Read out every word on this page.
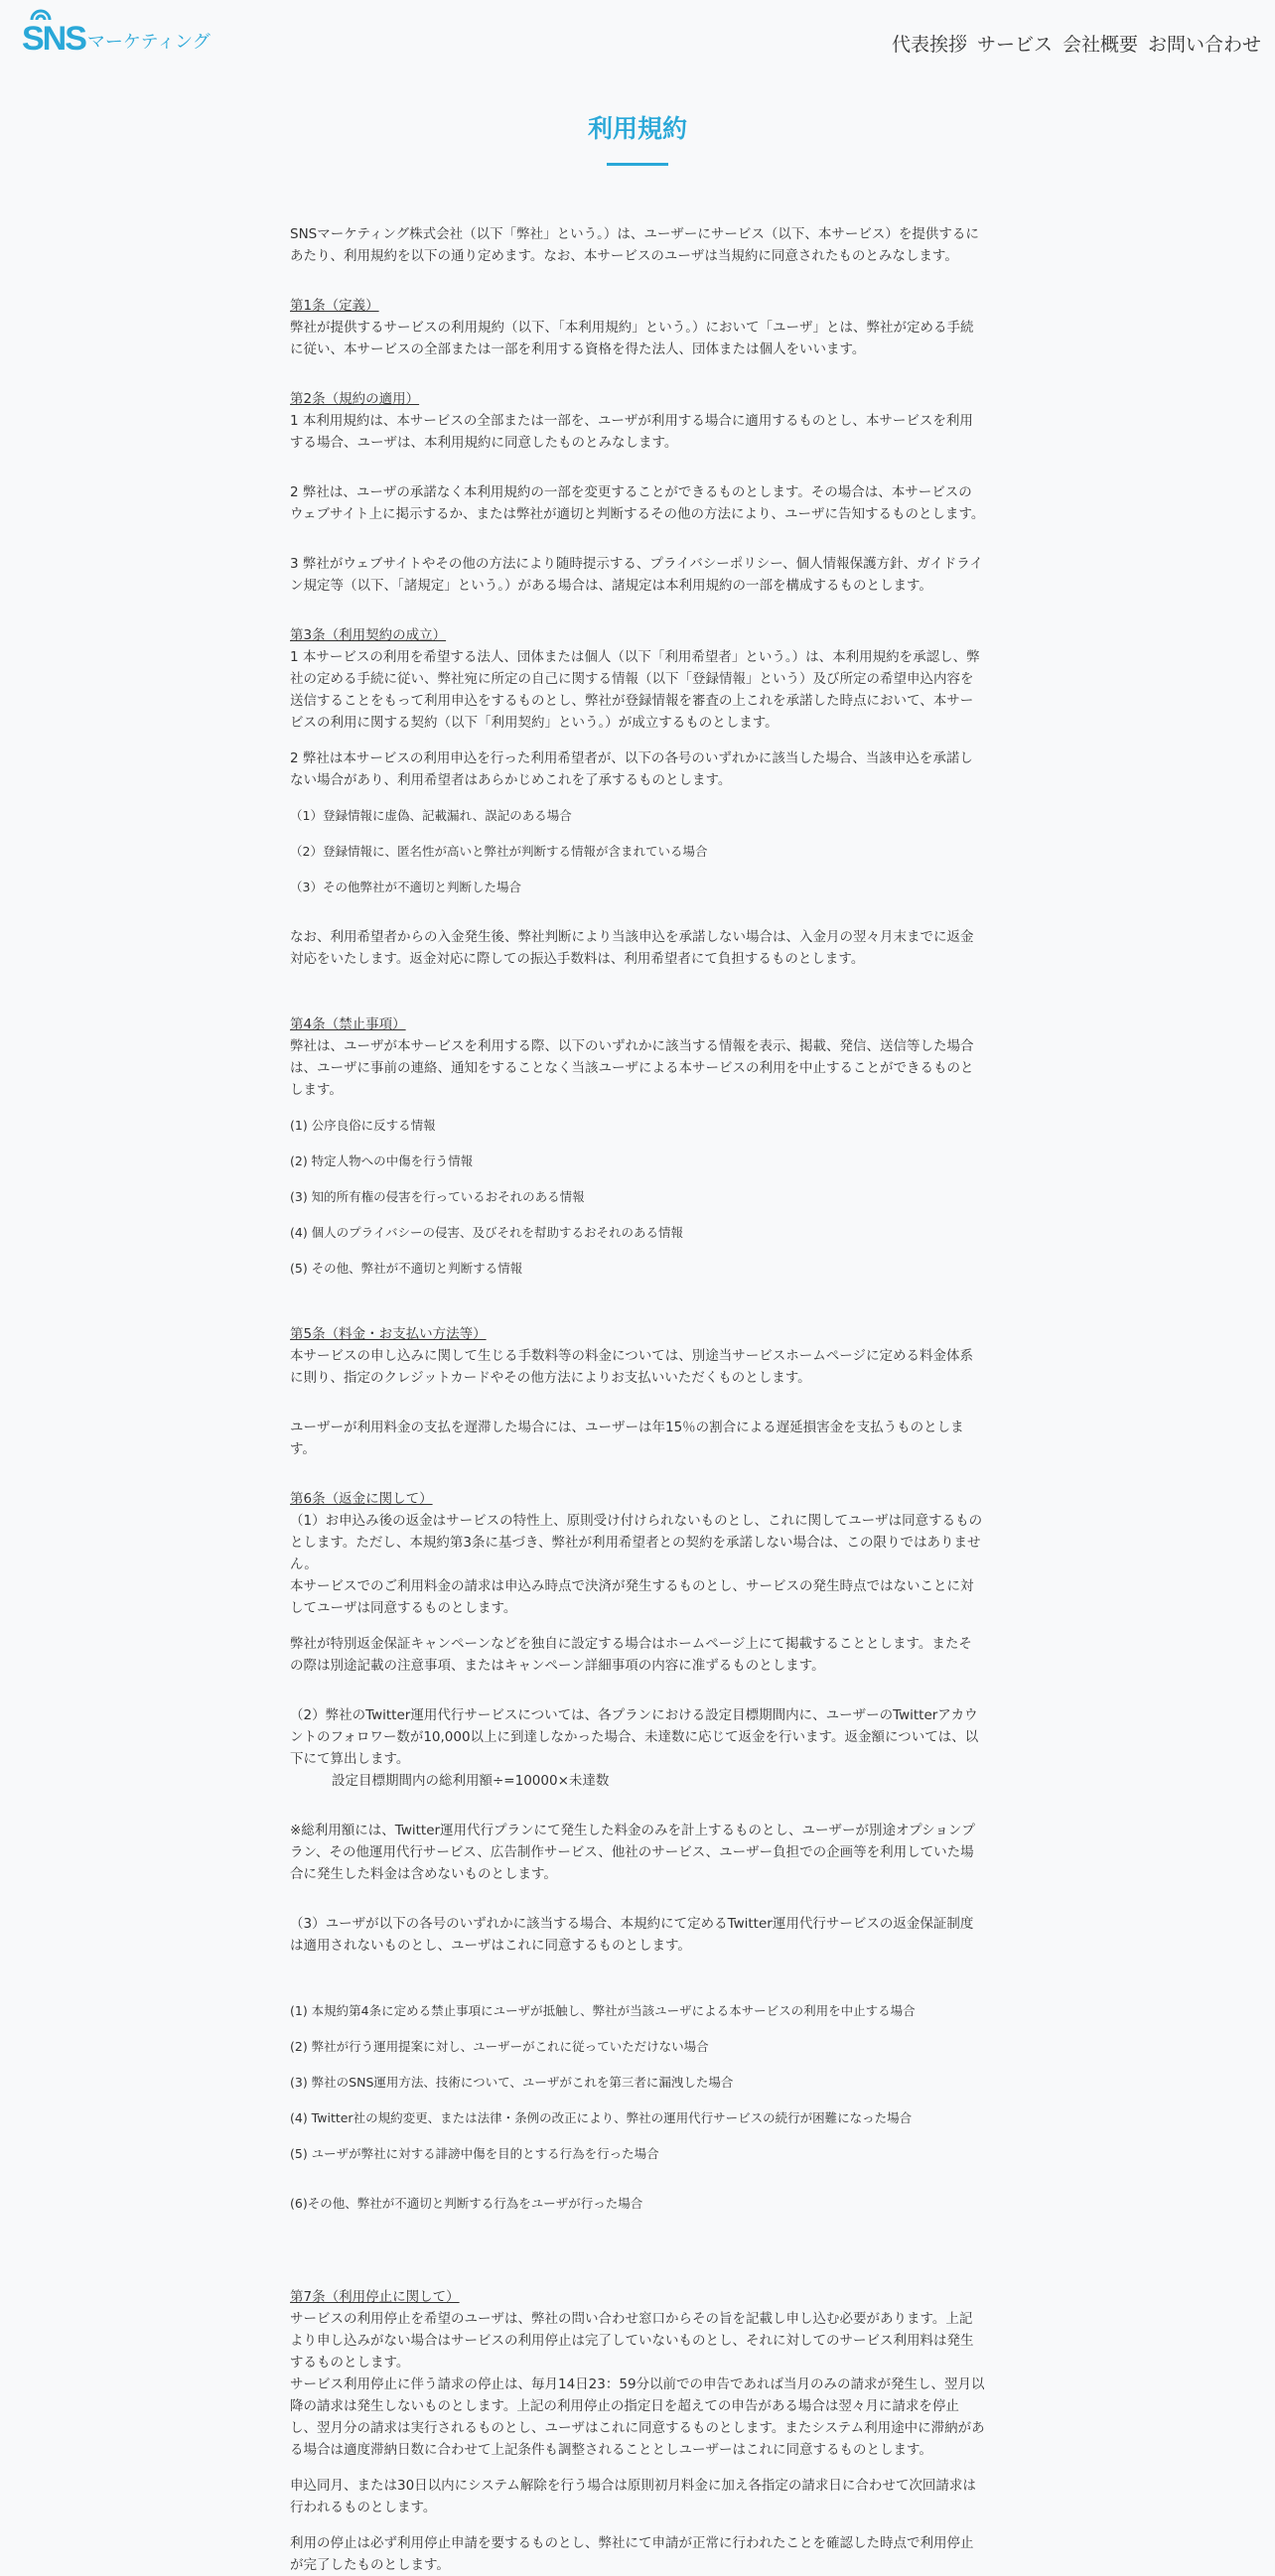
SNS マーケティング	代表挨拶 サービス 会社概要 お問い合わせ
利用規約

SNSマーケティング株式会社（以下「弊社」という。）は、ユーザーにサービス（以下、本サービス）を提供するにあたり、利用規約を以下の通り定めます。なお、本サービスのユーザは当規約に同意されたものとみなします。

第1条（定義）

弊社が提供するサービスの利用規約（以下、「本利用規約」という。）において「ユーザ」とは、弊社が定める手続に従い、本サービスの全部または一部を利用する資格を得た法人、団体または個人をいいます。

第2条（規約の適用）

1 本利用規約は、本サービスの全部または一部を、ユーザが利用する場合に適用するものとし、本サービスを利用する場合、ユーザは、本利用規約に同意したものとみなします。

2 弊社は、ユーザの承諾なく本利用規約の一部を変更することができるものとします。その場合は、本サービスのウェブサイト上に掲示するか、または弊社が適切と判断するその他の方法により、ユーザに告知するものとします。

3 弊社がウェブサイトやその他の方法により随時提示する、プライバシーポリシー、個人情報保護方針、ガイドライン規定等（以下、「諸規定」という。）がある場合は、諸規定は本利用規約の一部を構成するものとします。

第3条（利用契約の成立）

1 本サービスの利用を希望する法人、団体または個人（以下「利用希望者」という。）は、本利用規約を承認し、弊社の定める手続に従い、弊社宛に所定の自己に関する情報（以下「登録情報」という）及び所定の希望申込内容を送信することをもって利用申込をするものとし、弊社が登録情報を審査の上これを承諾した時点において、本サービスの利用に関する契約（以下「利用契約」という。）が成立するものとします。

2 弊社は本サービスの利用申込を行った利用希望者が、以下の各号のいずれかに該当した場合、当該申込を承諾しない場合があり、利用希望者はあらかじめこれを了承するものとします。

（1）登録情報に虚偽、記載漏れ、誤記のある場合

（2）登録情報に、匿名性が高いと弊社が判断する情報が含まれている場合

（3）その他弊社が不適切と判断した場合

なお、利用希望者からの入金発生後、弊社判断により当該申込を承諾しない場合は、入金月の翌々月末までに返金対応をいたします。返金対応に際しての振込手数料は、利用希望者にて負担するものとします。

第4条（禁止事項）

弊社は、ユーザが本サービスを利用する際、以下のいずれかに該当する情報を表示、掲載、発信、送信等した場合は、ユーザに事前の連絡、通知をすることなく当該ユーザによる本サービスの利用を中止することができるものとします。

(1) 公序良俗に反する情報

(2) 特定人物への中傷を行う情報

(3) 知的所有権の侵害を行っているおそれのある情報

(4) 個人のプライバシーの侵害、及びそれを幇助するおそれのある情報

(5) その他、弊社が不適切と判断する情報

第5条（料金・お支払い方法等）

本サービスの申し込みに関して生じる手数料等の料金については、別途当サービスホームページに定める料金体系に則り、指定のクレジットカードやその他方法によりお支払いいただくものとします。

ユーザーが利用料金の支払を遅滞した場合には、ユーザーは年15％の割合による遅延損害金を支払うものとします。

第6条（返金に関して）

（1）お申込み後の返金はサービスの特性上、原則受け付けられないものとし、これに関してユーザは同意するものとします。ただし、本規約第3条に基づき、弊社が利用希望者との契約を承諾しない場合は、この限りではありません。

本サービスでのご利用料金の請求は申込み時点で決済が発生するものとし、サービスの発生時点ではないことに対してユーザは同意するものとします。

弊社が特別返金保証キャンペーンなどを独自に設定する場合はホームページ上にて掲載することとします。またその際は別途記載の注意事項、またはキャンペーン詳細事項の内容に准ずるものとします。

（2）弊社のTwitter運用代行サービスについては、各プランにおける設定目標期間内に、ユーザーのTwitterアカウントのフォロワー数が10,000以上に到達しなかった場合、未達数に応じて返金を行います。返金額については、以下にて算出します。

設定目標期間内の総利用額÷=10000×未達数

※総利用額には、Twitter運用代行プランにて発生した料金のみを計上するものとし、ユーザーが別途オプションプラン、その他運用代行サービス、広告制作サービス、他社のサービス、ユーザー負担での企画等を利用していた場合に発生した料金は含めないものとします。

（3）ユーザが以下の各号のいずれかに該当する場合、本規約にて定めるTwitter運用代行サービスの返金保証制度は適用されないものとし、ユーザはこれに同意するものとします。

(1) 本規約第4条に定める禁止事項にユーザが抵触し、弊社が当該ユーザによる本サービスの利用を中止する場合

(2) 弊社が行う運用提案に対し、ユーザーがこれに従っていただけない場合

(3) 弊社のSNS運用方法、技術について、ユーザがこれを第三者に漏洩した場合

(4) Twitter社の規約変更、または法律・条例の改正により、弊社の運用代行サービスの続行が困難になった場合

(5) ユーザが弊社に対する誹謗中傷を目的とする行為を行った場合

(6)その他、弊社が不適切と判断する行為をユーザが行った場合

第7条（利用停止に関して）

サービスの利用停止を希望のユーザは、弊社の問い合わせ窓口からその旨を記載し申し込む必要があります。上記より申し込みがない場合はサービスの利用停止は完了していないものとし、それに対してのサービス利用料は発生するものとします。

サービス利用停止に伴う請求の停止は、毎月14日23：59分以前での申告であれば当月のみの請求が発生し、翌月以降の請求は発生しないものとします。上記の利用停止の指定日を超えての申告がある場合は翌々月に請求を停止し、翌月分の請求は実行されるものとし、ユーザはこれに同意するものとします。またシステム利用途中に滞納がある場合は適度滞納日数に合わせて上記条件も調整されることとしユーザーはこれに同意するものとします。

申込同月、または30日以内にシステム解除を行う場合は原則初月料金に加え各指定の請求日に合わせて次回請求は行われるものとします。

利用の停止は必ず利用停止申請を要するものとし、弊社にて申請が正常に行われたことを確認した時点で利用停止が完了したものとします。
